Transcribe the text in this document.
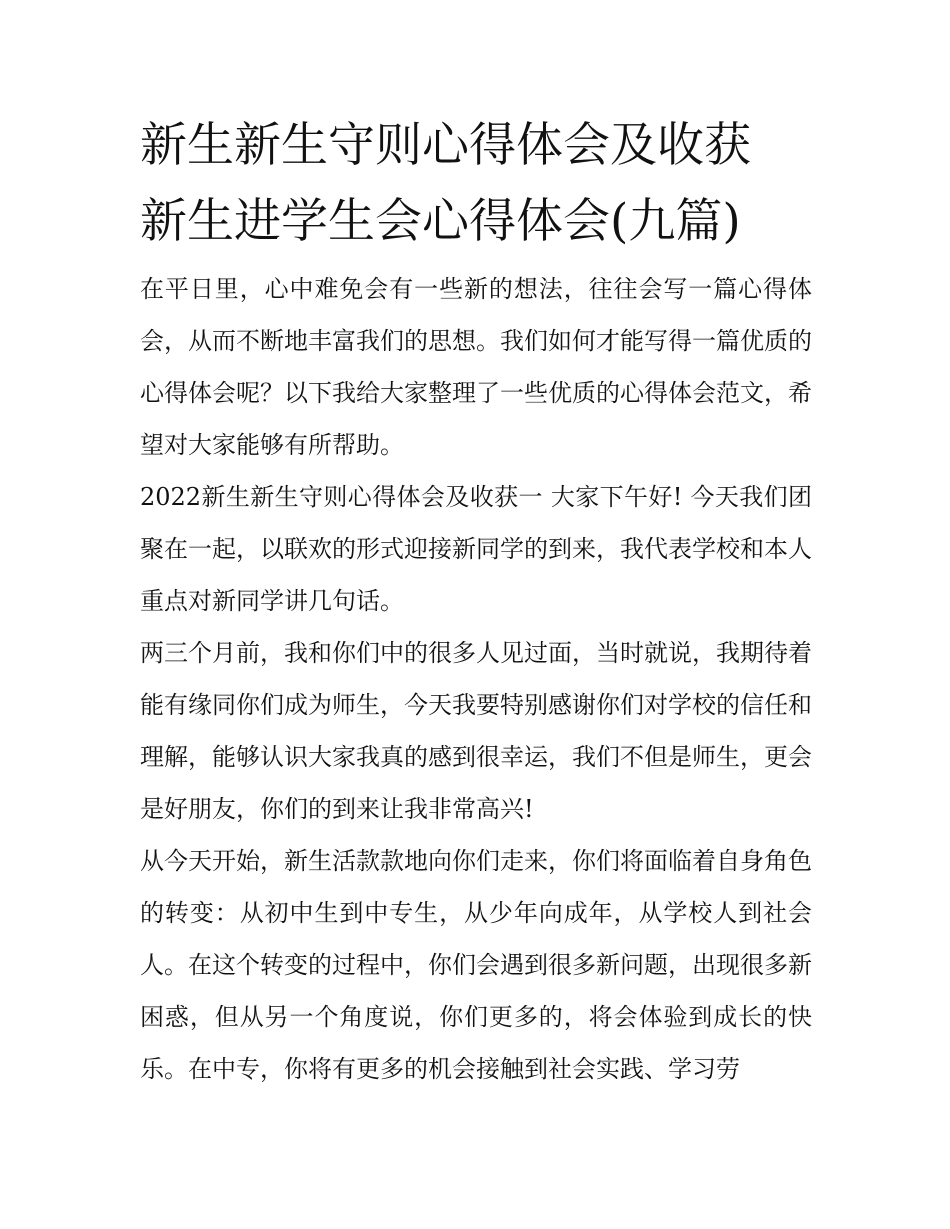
新生新生守则心得体会及收获
新生进学生会心得体会(九篇)

在平日里，心中难免会有一些新的想法，往往会写一篇心得体会，从而不断地丰富我们的思想。我们如何才能写得一篇优质的心得体会呢？以下我给大家整理了一些优质的心得体会范文，希望对大家能够有所帮助。

2022新生新生守则心得体会及收获一 大家下午好! 今天我们团聚在一起，以联欢的形式迎接新同学的到来，我代表学校和本人重点对新同学讲几句话。

两三个月前，我和你们中的很多人见过面，当时就说，我期待着能有缘同你们成为师生，今天我要特别感谢你们对学校的信任和理解，能够认识大家我真的感到很幸运，我们不但是师生，更会是好朋友，你们的到来让我非常高兴!

从今天开始，新生活款款地向你们走来，你们将面临着自身角色的转变：从初中生到中专生，从少年向成年，从学校人到社会人。在这个转变的过程中，你们会遇到很多新问题，出现很多新困惑，但从另一个角度说，你们更多的，将会体验到成长的快乐。在中专，你将有更多的机会接触到社会实践、学习劳
